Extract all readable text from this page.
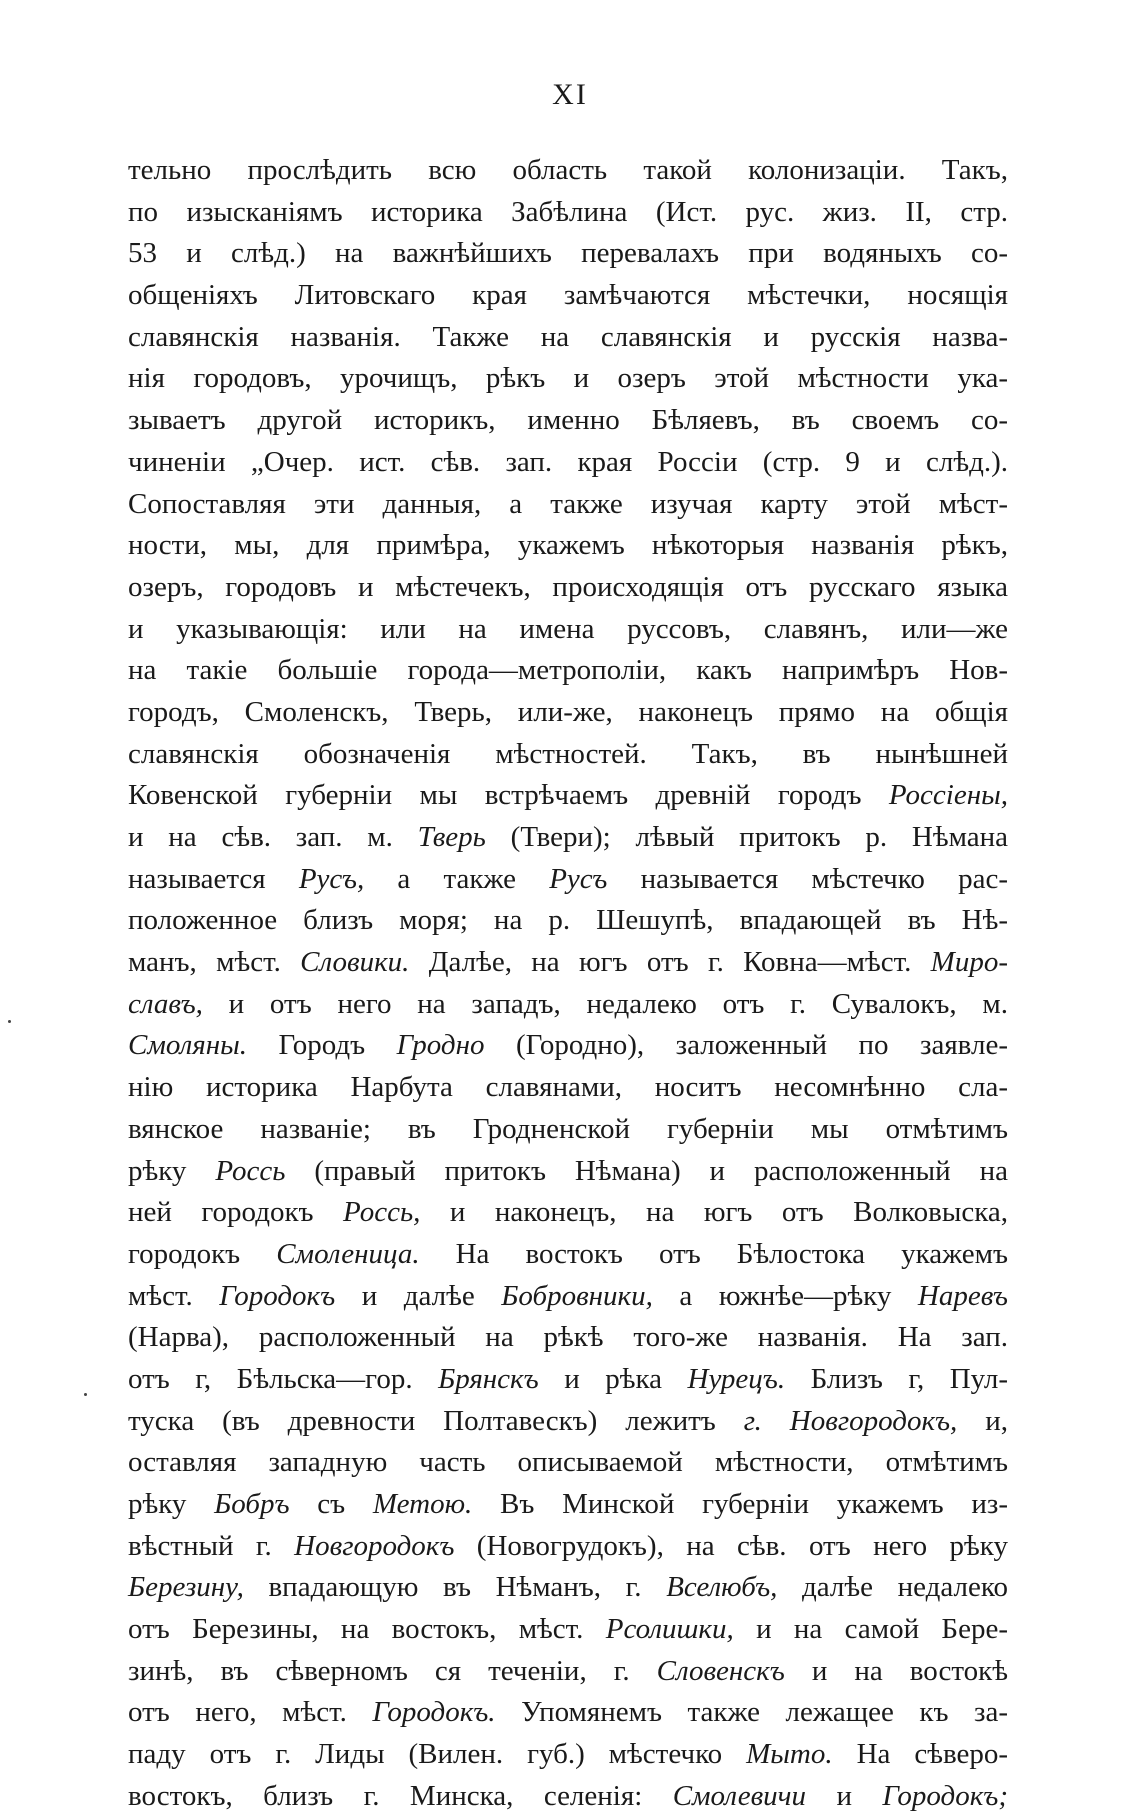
XI
тельно прослѣдить всю область такой колонизаціи. Такъ,
по изысканіямъ историка Забѣлина (Ист. рус. жиз. II, стр.
53 и слѣд.) на важнѣйшихъ перевалахъ при водяныхъ со-
общеніяхъ Литовскаго края замѣчаются мѣстечки, носящія
славянскія названія. Также на славянскія и русскія назва-
нія городовъ, урочищъ, рѣкъ и озеръ этой мѣстности ука-
зываетъ другой историкъ, именно Бѣляевъ, въ своемъ со-
чиненіи „Очер. ист. сѣв. зап. края Россіи (стр. 9 и слѣд.).
Сопоставляя эти данныя, а также изучая карту этой мѣст-
ности, мы, для примѣра, укажемъ нѣкоторыя названія рѣкъ,
озеръ, городовъ и мѣстечекъ, происходящія отъ русскаго языка
и указывающія: или на имена руссовъ, славянъ, или—же
на такіе большіе города—метрополіи, какъ напримѣръ Нов-
городъ, Смоленскъ, Тверь, или-же, наконецъ прямо на общія
славянскія обозначенія мѣстностей. Такъ, въ нынѣшней
Ковенской губерніи мы встрѣчаемъ древній городъ Россіены,
и на сѣв. зап. м. Тверь (Твери); лѣвый притокъ р. Нѣмана
называется Русъ, а также Русъ называется мѣстечко рас-
положенное близъ моря; на р. Шешупѣ, впадающей въ Нѣ-
манъ, мѣст. Словики. Далѣе, на югъ отъ г. Ковна—мѣст. Миро-
славъ, и отъ него на западъ, недалеко отъ г. Сувалокъ, м.
Смоляны. Городъ Гродно (Городно), заложенный по заявле-
нію историка Нарбута славянами, носитъ несомнѣнно сла-
вянское названіе; въ Гродненской губерніи мы отмѣтимъ
рѣку Россь (правый притокъ Нѣмана) и расположенный на
ней городокъ Россь, и наконецъ, на югъ отъ Волковыска,
городокъ Смоленица. На востокъ отъ Бѣлостока укажемъ
мѣст. Городокъ и далѣе Бобровники, а южнѣе—рѣку Наревъ
(Нарва), расположенный на рѣкѣ того-же названія. На зап.
отъ г, Бѣльска—гор. Брянскъ и рѣка Нурецъ. Близъ г, Пул-
туска (въ древности Полтавескъ) лежитъ г. Новгородокъ, и,
оставляя западную часть описываемой мѣстности, отмѣтимъ
рѣку Бобръ съ Метою. Въ Минской губерніи укажемъ из-
вѣстный г. Новгородокъ (Новогрудокъ), на сѣв. отъ него рѣку
Березину, впадающую въ Нѣманъ, г. Вселюбъ, далѣе недалеко
отъ Березины, на востокъ, мѣст. Рсолишки, и на самой Бере-
зинѣ, въ сѣверномъ ся теченіи, г. Словенскъ и на востокѣ
отъ него, мѣст. Городокъ. Упомянемъ также лежащее къ за-
паду отъ г. Лиды (Вилен. губ.) мѣстечко Мыто. На сѣверо-
востокъ, близъ г. Минска, селенія: Смолевичи и Городокъ;
